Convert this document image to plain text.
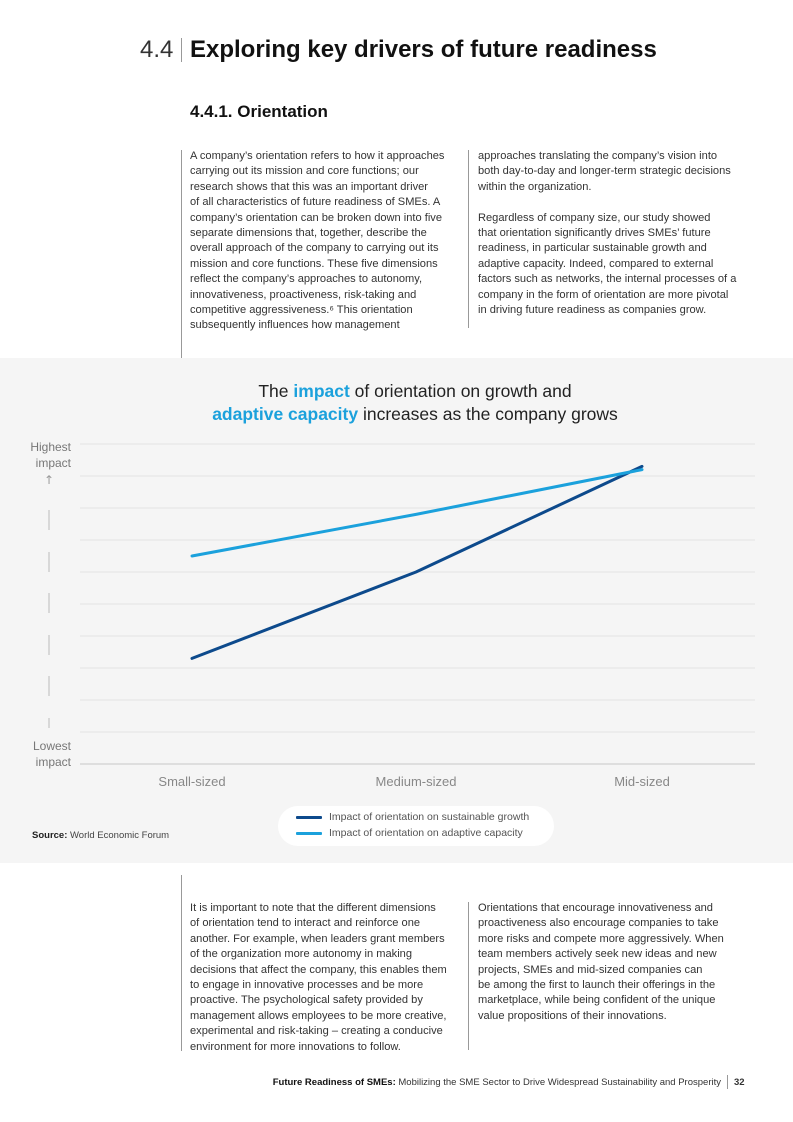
4.4 Exploring key drivers of future readiness
4.4.1. Orientation

A company’s orientation refers to how it approaches
carrying out its mission and core functions; our
research shows that this was an important driver
of all characteristics of future readiness of SMEs. A
company’s orientation can be broken down into five
separate dimensions that, together, describe the
overall approach of the company to carrying out its
mission and core functions. These five dimensions
reflect the company’s approaches to autonomy,
innovativeness, proactiveness, risk-taking and
competitive aggressiveness.⁶ This orientation
subsequently influences how management

approaches translating the company’s vision into
both day-to-day and longer-term strategic decisions
within the organization.

Regardless of company size, our study showed
that orientation significantly drives SMEs’ future
readiness, in particular sustainable growth and
adaptive capacity. Indeed, compared to external
factors such as networks, the internal processes of a
company in the form of orientation are more pivotal
in driving future readiness as companies grow.

The impact of orientation on growth and

adaptive capacity increases as the company grows

Highest
impact
Lowest
impact
↑
Small-sized	Medium-sized	Mid-sized
Impact of orientation on sustainable growth
Impact of orientation on adaptive capacity
Source: World Economic Forum

It is important to note that the different dimensions
of orientation tend to interact and reinforce one
another. For example, when leaders grant members
of the organization more autonomy in making
decisions that affect the company, this enables them
to engage in innovative processes and be more
proactive. The psychological safety provided by
management allows employees to be more creative,
experimental and risk-taking – creating a conducive
environment for more innovations to follow.

Orientations that encourage innovativeness and
proactiveness also encourage companies to take
more risks and compete more aggressively. When
team members actively seek new ideas and new
projects, SMEs and mid-sized companies can
be among the first to launch their offerings in the
marketplace, while being confident of the unique
value propositions of their innovations.

Future Readiness of SMEs: Mobilizing the SME Sector to Drive Widespread Sustainability and Prosperity 32
